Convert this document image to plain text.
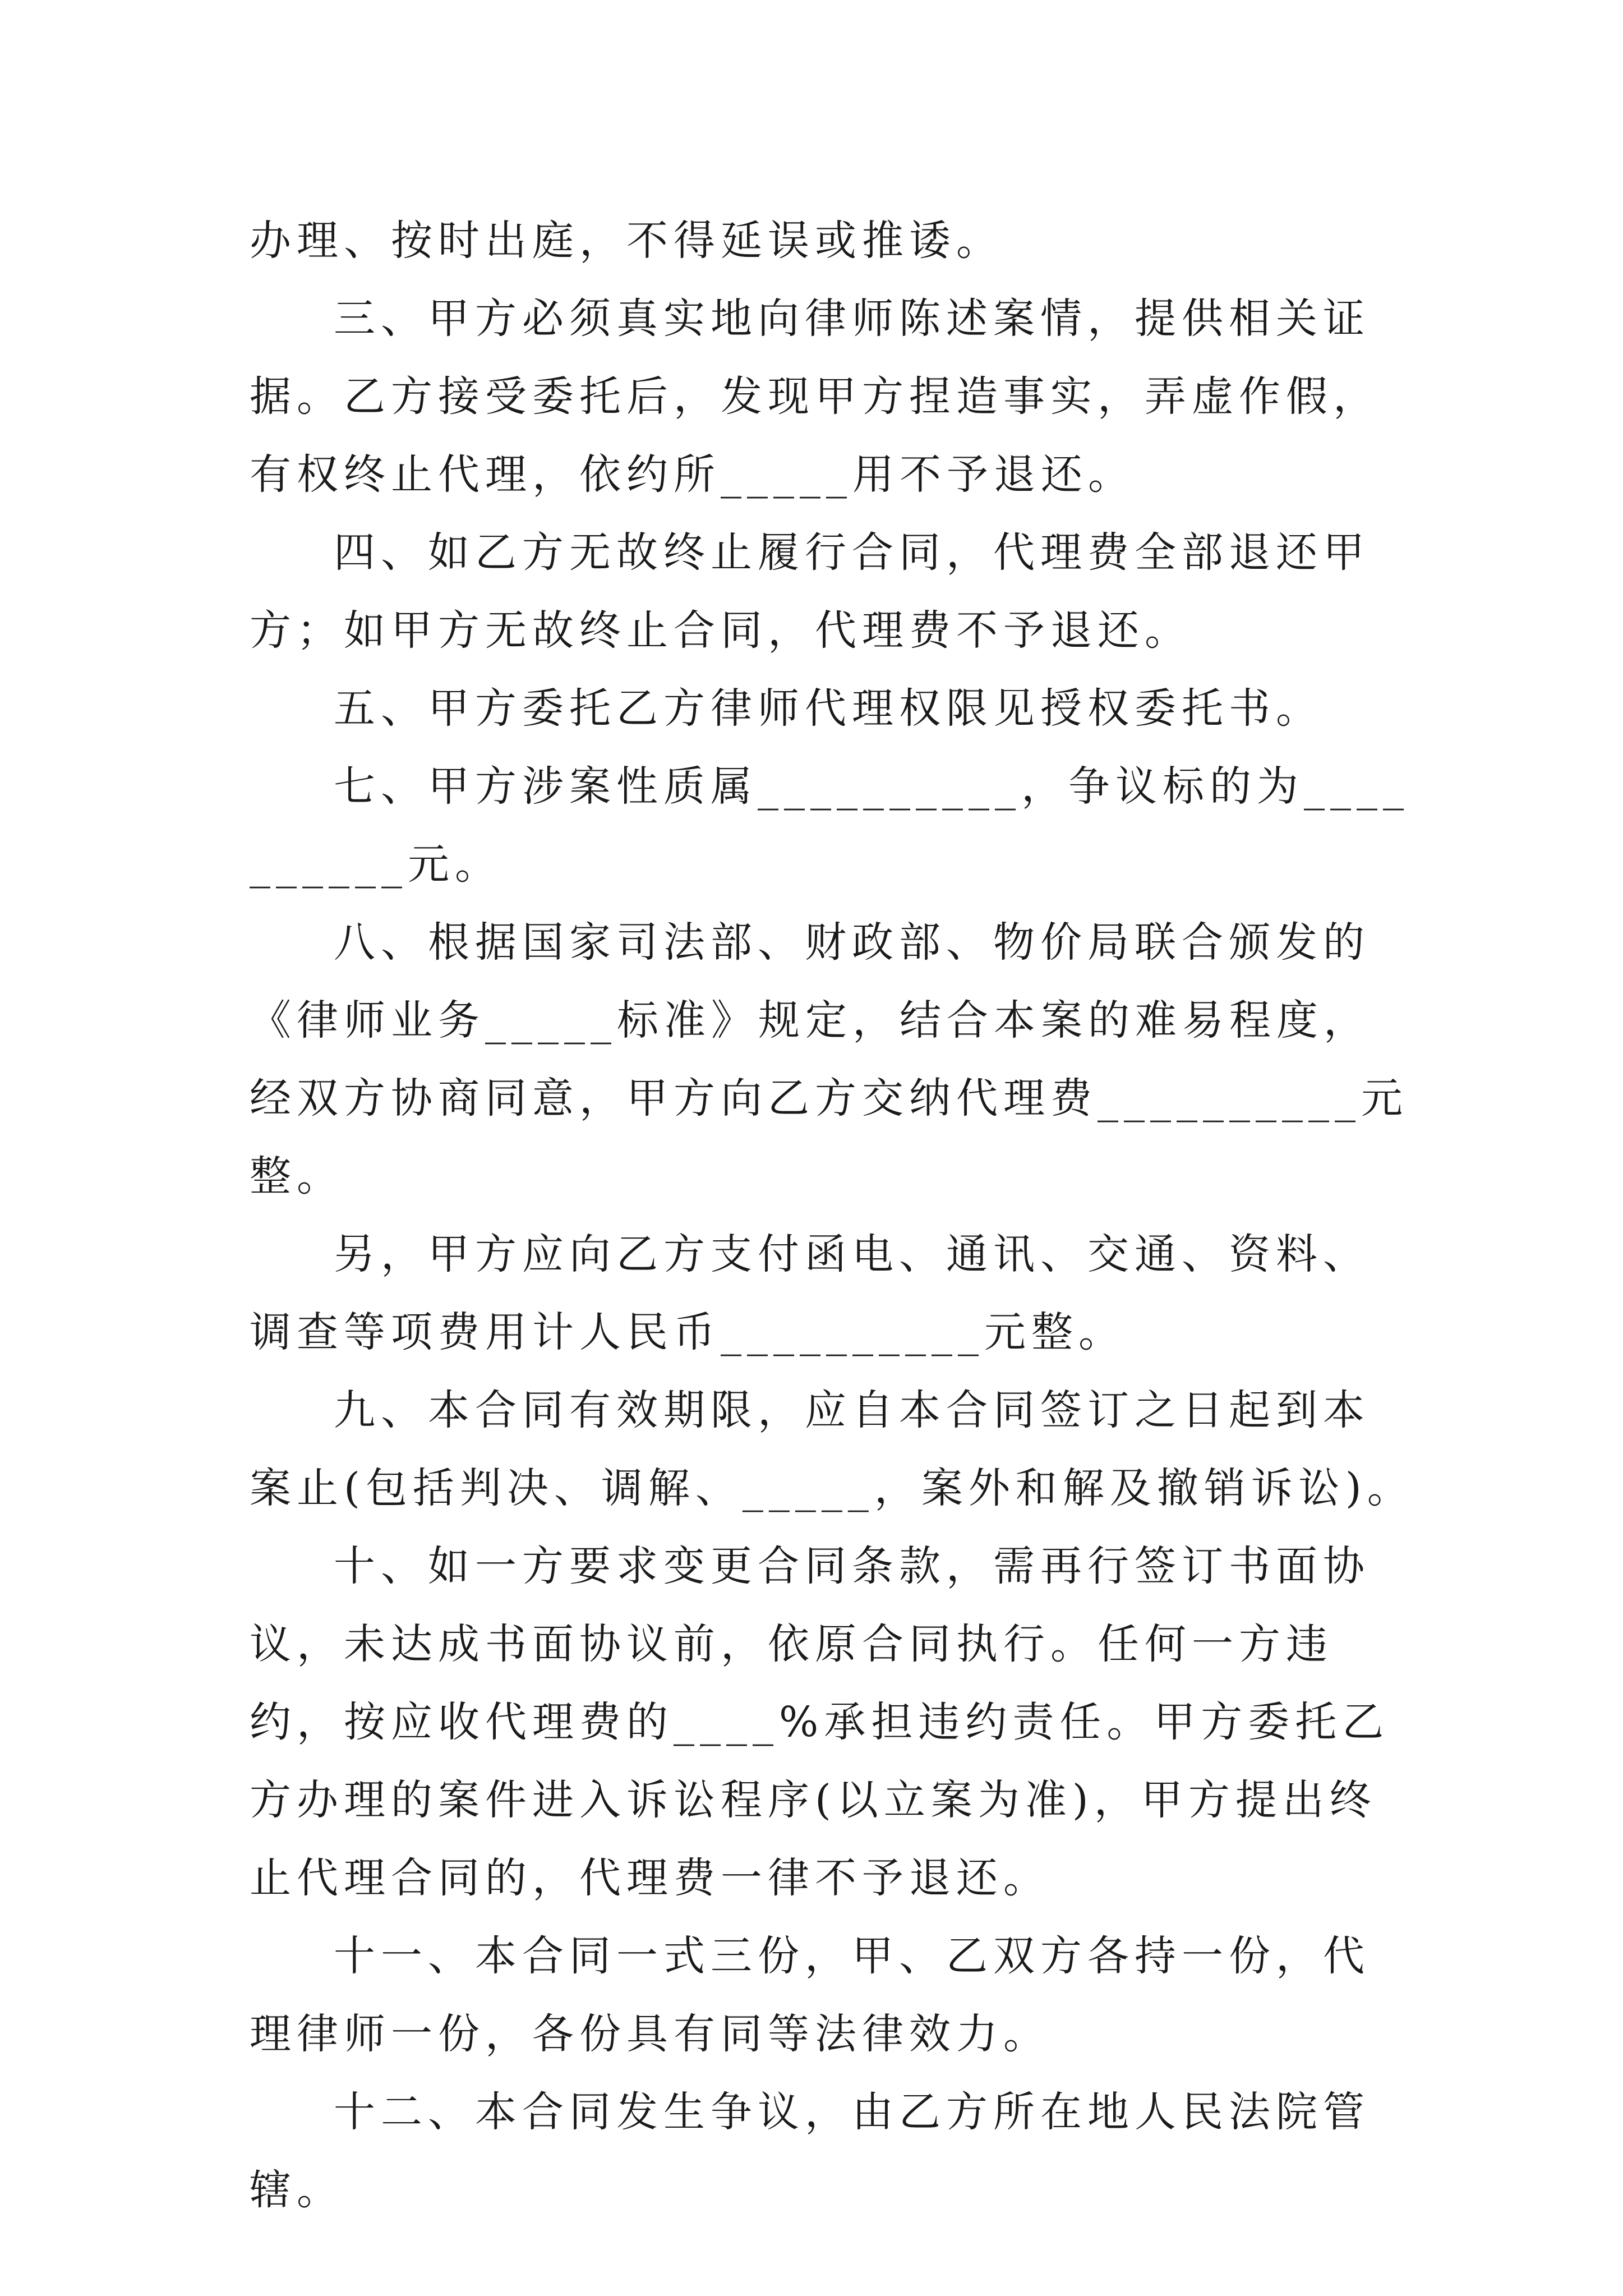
办理、按时出庭，不得延误或推诿。

三、甲方必须真实地向律师陈述案情，提供相关证据。乙方接受委托后，发现甲方捏造事实，弄虚作假，有权终止代理，依约所_____用不予退还。

四、如乙方无故终止履行合同，代理费全部退还甲方；如甲方无故终止合同，代理费不予退还。

五、甲方委托乙方律师代理权限见授权委托书。

七、甲方涉案性质属__________，争议标的为__________元。

八、根据国家司法部、财政部、物价局联合颁发的《律师业务_____标准》规定，结合本案的难易程度，经双方协商同意，甲方向乙方交纳代理费__________元整。

另，甲方应向乙方支付函电、通讯、交通、资料、调查等项费用计人民币__________元整。

九、本合同有效期限，应自本合同签订之日起到本案止(包括判决、调解、_____，案外和解及撤销诉讼)。

十、如一方要求变更合同条款，需再行签订书面协议，未达成书面协议前，依原合同执行。任何一方违约，按应收代理费的____%承担违约责任。甲方委托乙方办理的案件进入诉讼程序(以立案为准)，甲方提出终止代理合同的，代理费一律不予退还。

十一、本合同一式三份，甲、乙双方各持一份，代理律师一份，各份具有同等法律效力。

十二、本合同发生争议，由乙方所在地人民法院管辖。
